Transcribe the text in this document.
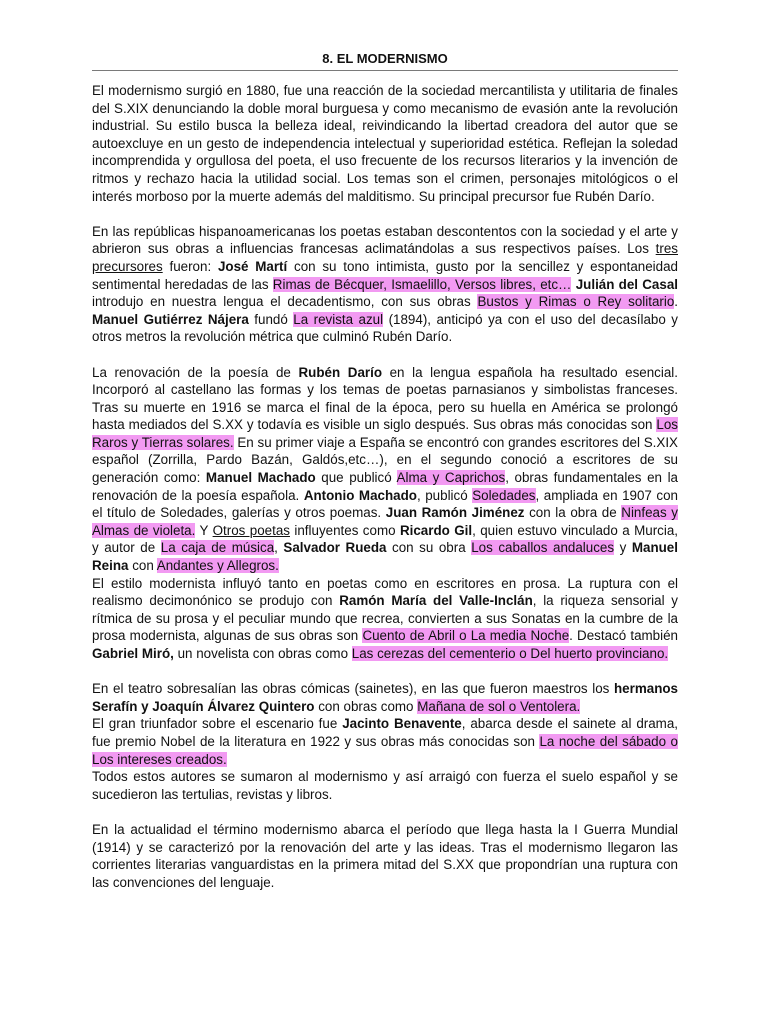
8. EL MODERNISMO

El modernismo surgió en 1880, fue una reacción de la sociedad mercantilista y utilitaria de finales del S.XIX denunciando la doble moral burguesa y como mecanismo de evasión ante la revolución industrial. Su estilo busca la belleza ideal, reivindicando la libertad creadora del autor que se autoexcluye en un gesto de independencia intelectual y superioridad estética. Reflejan la soledad incomprendida y orgullosa del poeta, el uso frecuente de los recursos literarios y la invención de ritmos y rechazo hacia la utilidad social. Los temas son el crimen, personajes mitológicos o el interés morboso por la muerte además del malditismo. Su principal precursor fue Rubén Darío.

En las repúblicas hispanoamericanas los poetas estaban descontentos con la sociedad y el arte y abrieron sus obras a influencias francesas aclimatándolas a sus respectivos países. Los tres precursores fueron: José Martí con su tono intimista, gusto por la sencillez y espontaneidad sentimental heredadas de las Rimas de Bécquer, Ismaelillo, Versos libres, etc… Julián del Casal introdujo en nuestra lengua el decadentismo, con sus obras Bustos y Rimas o Rey solitario. Manuel Gutiérrez Nájera fundó La revista azul (1894), anticipó ya con el uso del decasílabo y otros metros la revolución métrica que culminó Rubén Darío.

La renovación de la poesía de Rubén Darío en la lengua española ha resultado esencial. Incorporó al castellano las formas y los temas de poetas parnasianos y simbolistas franceses. Tras su muerte en 1916 se marca el final de la época, pero su huella en América se prolongó hasta mediados del S.XX y todavía es visible un siglo después. Sus obras más conocidas son Los Raros y Tierras solares. En su primer viaje a España se encontró con grandes escritores del S.XIX español (Zorrilla, Pardo Bazán, Galdós,etc…), en el segundo conoció a escritores de su generación como: Manuel Machado que publicó Alma y Caprichos, obras fundamentales en la renovación de la poesía española. Antonio Machado, publicó Soledades, ampliada en 1907 con el título de Soledades, galerías y otros poemas. Juan Ramón Jiménez con la obra de Ninfeas y Almas de violeta. Y Otros poetas influyentes como Ricardo Gil, quien estuvo vinculado a Murcia, y autor de La caja de música, Salvador Rueda con su obra Los caballos andaluces y Manuel Reina con Andantes y Allegros.

El estilo modernista influyó tanto en poetas como en escritores en prosa. La ruptura con el realismo decimonónico se produjo con Ramón María del Valle-Inclán, la riqueza sensorial y rítmica de su prosa y el peculiar mundo que recrea, convierten a sus Sonatas en la cumbre de la prosa modernista, algunas de sus obras son Cuento de Abril o La media Noche. Destacó también Gabriel Miró, un novelista con obras como Las cerezas del cementerio o Del huerto provinciano.

En el teatro sobresalían las obras cómicas (sainetes), en las que fueron maestros los hermanos Serafín y Joaquín Álvarez Quintero con obras como Mañana de sol o Ventolera.

El gran triunfador sobre el escenario fue Jacinto Benavente, abarca desde el sainete al drama, fue premio Nobel de la literatura en 1922 y sus obras más conocidas son La noche del sábado o Los intereses creados.

Todos estos autores se sumaron al modernismo y así arraigó con fuerza el suelo español y se sucedieron las tertulias, revistas y libros.

En la actualidad el término modernismo abarca el período que llega hasta la I Guerra Mundial (1914) y se caracterizó por la renovación del arte y las ideas. Tras el modernismo llegaron las corrientes literarias vanguardistas en la primera mitad del S.XX que propondrían una ruptura con las convenciones del lenguaje.
